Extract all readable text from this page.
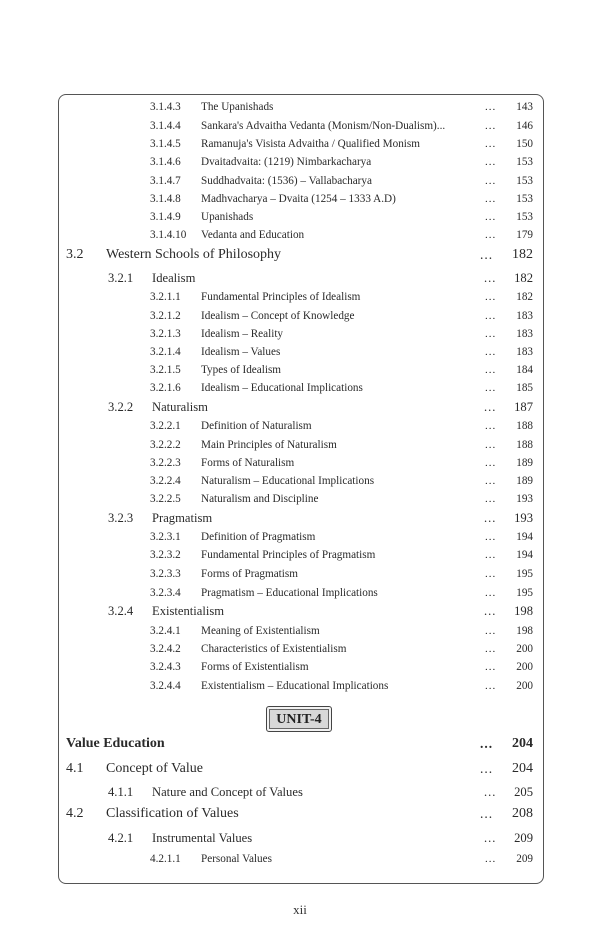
3.1.4.3 The Upanishads	...	143
3.1.4.4 Sankara's Advaitha Vedanta (Monism/Non-Dualism)...	...	146
3.1.4.5 Ramanuja's Visista Advaitha / Qualified Monism	...	150
3.1.4.6 Dvaitadvaita: (1219) Nimbarkacharya	...	153
3.1.4.7 Suddhadvaita: (1536) – Vallabacharya	...	153
3.1.4.8 Madhvacharya – Dvaita (1254 – 1333 A.D)	...	153
3.1.4.9 Upanishads	...	153
3.1.4.10 Vedanta and Education	...	179
3.2 Western Schools of Philosophy	...	182
3.2.1 Idealism	...	182
3.2.1.1 Fundamental Principles of Idealism	...	182
3.2.1.2 Idealism – Concept of Knowledge	...	183
3.2.1.3 Idealism – Reality	...	183
3.2.1.4 Idealism – Values	...	183
3.2.1.5 Types of Idealism	...	184
3.2.1.6 Idealism – Educational Implications	...	185
3.2.2 Naturalism	...	187
3.2.2.1 Definition of Naturalism	...	188
3.2.2.2 Main Principles of Naturalism	...	188
3.2.2.3 Forms of Naturalism	...	189
3.2.2.4 Naturalism – Educational Implications	...	189
3.2.2.5 Naturalism and Discipline	...	193
3.2.3 Pragmatism	...	193
3.2.3.1 Definition of Pragmatism	...	194
3.2.3.2 Fundamental Principles of Pragmatism	...	194
3.2.3.3 Forms of Pragmatism	...	195
3.2.3.4 Pragmatism – Educational Implications	...	195
3.2.4 Existentialism	...	198
3.2.4.1 Meaning of Existentialism	...	198
3.2.4.2 Characteristics of Existentialism	...	200
3.2.4.3 Forms of Existentialism	...	200
3.2.4.4 Existentialism – Educational Implications	...	200
Value Education	...	204
4.1 Concept of Value	...	204
4.1.1 Nature and Concept of Values	...	205
4.2 Classification of Values	...	208
4.2.1 Instrumental Values	...	209
4.2.1.1 Personal Values	...	209
UNIT-4
xii
